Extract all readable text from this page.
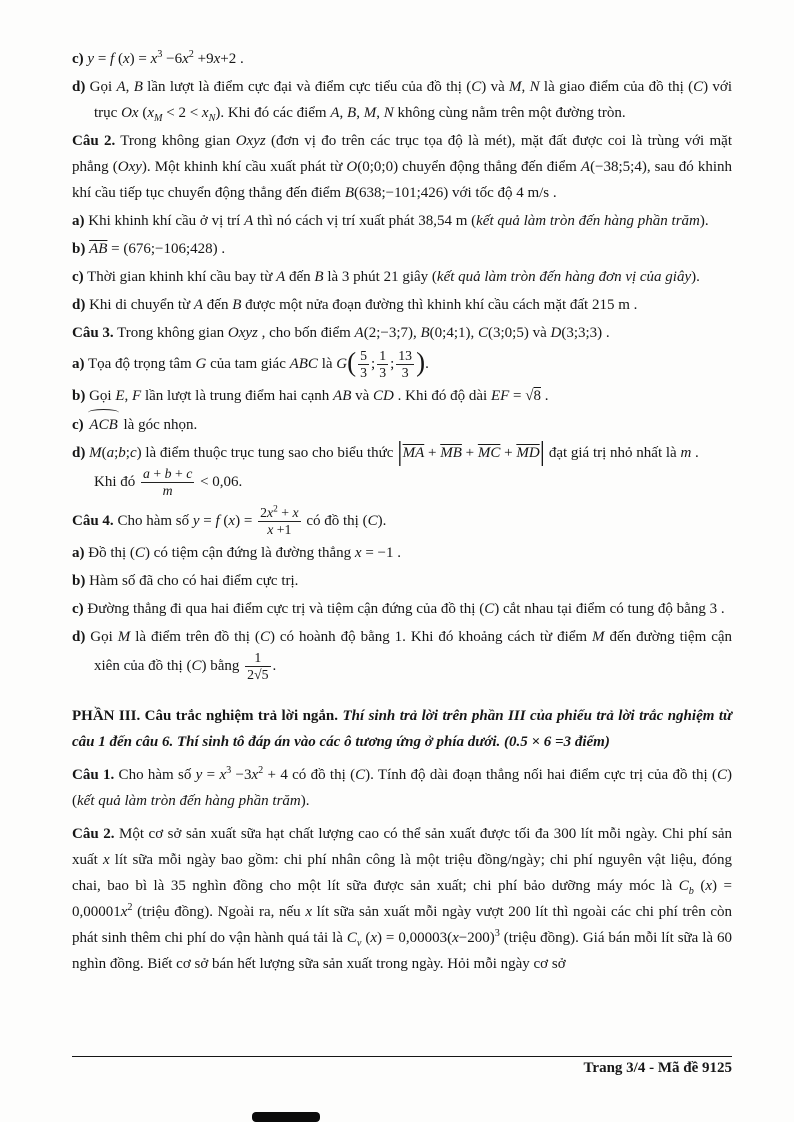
c) y = f $(x) = x^3 -6x^2 +9x+2$ .
d) Gọi A, B lần lượt là điểm cực đại và điểm cực tiểu của đồ thị (C) và M, N là giao điểm của đồ thị (C) với trục Ox $(x_M < 2 < x_N)$. Khi đó các điểm A, B, M, N không cùng nằm trên một đường tròn.
Câu 2. Trong không gian Oxyz (đơn vị đo trên các trục tọa độ là mét), mặt đất được coi là trùng với mặt phẳng (Oxy). Một khinh khí cầu xuất phát từ O(0;0;0) chuyển động thẳng đến điểm A(−38;5;4), sau đó khinh khí cầu tiếp tục chuyển động thẳng đến điểm B(638;−101;426) với tốc độ 4 m/s .
a) Khi khinh khí cầu ở vị trí A thì nó cách vị trí xuất phát 38,54 m (kết quả làm tròn đến hàng phần trăm).
b) $\overline{AB}$ = (676;−106;428) .
c) Thời gian khinh khí cầu bay từ A đến B là 3 phút 21 giây (kết quả làm tròn đến hàng đơn vị của giây).
d) Khi di chuyển từ A đến B được một nửa đoạn đường thì khinh khí cầu cách mặt đất 215 m .
Câu 3. Trong không gian Oxyz , cho bốn điểm A(2;−3;7), B(0;4;1), C(3;0;5) và D(3;3;3) .
a) Tọa độ trọng tâm G của tam giác ABC là $G( \frac{5}{3}$ ; $\frac{1}{3}$ ; $\frac{13}{3}$ ).
b) Gọi E, F lần lượt là trung điểm hai cạnh AB và CD . Khi đó độ dài EF = √8 .
c) ACB là góc nhọn.
d) M(a;b;c) là điểm thuộc trục tung sao cho biểu thức $|\overline{MA} + \overline{MB} + \overline{MC} + \overline{MD}|$ đạt giá trị nhỏ nhất là m .
Khi đó $\frac{a + b + c}{m} < 0,06$.
Câu 4. Cho hàm số y = f $(x) = \frac{2x^2 + x}{x +1}$ có đồ thị (C).
a) Đồ thị (C) có tiệm cận đứng là đường thẳng x = −1 .
b) Hàm số đã cho có hai điểm cực trị.
c) Đường thẳng đi qua hai điểm cực trị và tiệm cận đứng của đồ thị (C) cắt nhau tại điểm có tung độ bằng 3 .
d) Gọi M là điểm trên đồ thị (C) có hoành độ bằng 1. Khi đó khoảng cách từ điểm M đến đường tiệm cận xiên của đồ thị (C) bằng $\frac{1}{2√5}$ .
PHẦN III. Câu trắc nghiệm trả lời ngắn. Thí sinh trả lời trên phần III của phiếu trả lời trắc nghiệm từ câu 1 đến câu 6. Thí sinh tô đáp án vào các ô tương ứng ở phía dưới. (0.5 × 6 =3 điểm)
Câu 1. Cho hàm số $y = x^3 -3x^2 + 4$ có đồ thị (C). Tính độ dài đoạn thẳng nối hai điểm cực trị của đồ thị (C) (kết quả làm tròn đến hàng phần trăm).
Câu 2. Một cơ sở sản xuất sữa hạt chất lượng cao có thể sản xuất được tối đa 300 lít mỗi ngày. Chi phí sản xuất x lít sữa mỗi ngày bao gồm: chi phí nhân công là một triệu đồng/ngày; chi phí nguyên vật liệu, đóng chai, bao bì là 35 nghìn đồng cho một lít sữa được sản xuất; chi phí bảo dưỡng máy móc là $C_b$ $(x) = 0,00001x^2$ (triệu đồng). Ngoài ra, nếu x lít sữa sản xuất mỗi ngày vượt 200 lít thì ngoài các chi phí trên còn phát sinh thêm chi phí do vận hành quá tải là $C_v$ $(x) = 0,00003(x-200)^3$ (triệu đồng). Giá bán mỗi lít sữa là 60 nghìn đồng. Biết cơ sở bán hết lượng sữa sản xuất trong ngày. Hỏi mỗi ngày cơ sở
Trang 3/4 - Mã đề 9125
